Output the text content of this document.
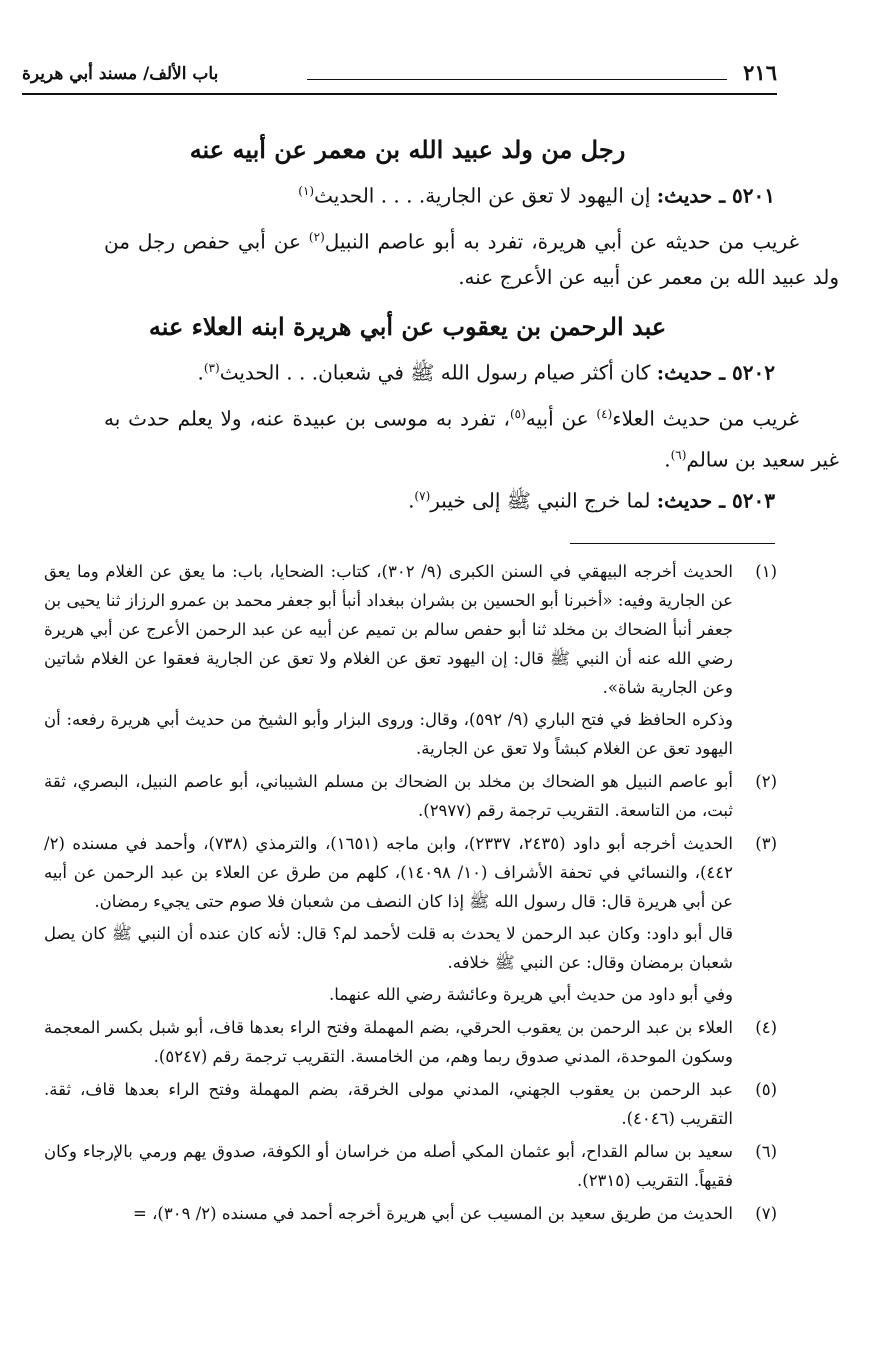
٢١٦
باب الألف/ مسند أبي هريرة
رجل من ولد عبيد الله بن معمر عن أبيه عنه

٥٢٠١ ـ حديث: إن اليهود لا تعق عن الجارية. . . . الحديث$^{(١)}$

غريب من حديثه عن أبي هريرة، تفرد به أبو عاصم النبيل$^{(٢)}$ عن أبي حفص رجل من ولد عبيد الله بن معمر عن أبيه عن الأعرج عنه.

عبد الرحمن بن يعقوب عن أبي هريرة ابنه العلاء عنه

٥٢٠٢ ـ حديث: كان أكثر صيام رسول الله ﷺ في شعبان. . . الحديث$^{(٣)}$.

غريب من حديث العلاء$^{(٤)}$ عن أبيه$^{(٥)}$، تفرد به موسى بن عبيدة عنه، ولا يعلم حدث به غير سعيد بن سالم$^{(٦)}$.

٥٢٠٣ ـ حديث: لما خرج النبي ﷺ إلى خيبر$^{(٧)}$.

(١)

الحديث أخرجه البيهقي في السنن الكبرى (٩/ ٣٠٢)، كتاب: الضحايا، باب: ما يعق عن الغلام وما يعق عن الجارية وفيه: «أخبرنا أبو الحسين بن بشران ببغداد أنبأ أبو جعفر محمد بن عمرو الرزاز ثنا يحيى بن جعفر أنبأ الضحاك بن مخلد ثنا أبو حفص سالم بن تميم عن أبيه عن عبد الرحمن الأعرج عن أبي هريرة رضي الله عنه أن النبي ﷺ قال: إن اليهود تعق عن الغلام ولا تعق عن الجارية فعقوا عن الغلام شاتين وعن الجارية شاة».

وذكره الحافظ في فتح الباري (٩/ ٥٩٢)، وقال: وروى البزار وأبو الشيخ من حديث أبي هريرة رفعه: أن اليهود تعق عن الغلام كبشاً ولا تعق عن الجارية.

(٢)

أبو عاصم النبيل هو الضحاك بن مخلد بن الضحاك بن مسلم الشيباني، أبو عاصم النبيل، البصري، ثقة ثبت، من التاسعة. التقريب ترجمة رقم (٢٩٧٧).

(٣)

الحديث أخرجه أبو داود (٢٤٣٥، ٢٣٣٧)، وابن ماجه (١٦٥١)، والترمذي (٧٣٨)، وأحمد في مسنده (٢/ ٤٤٢)، والنسائي في تحفة الأشراف (١٠/ ١٤٠٩٨)، كلهم من طرق عن العلاء بن عبد الرحمن عن أبيه عن أبي هريرة قال: قال رسول الله ﷺ إذا كان النصف من شعبان فلا صوم حتى يجيء رمضان.

قال أبو داود: وكان عبد الرحمن لا يحدث به قلت لأحمد لم؟ قال: لأنه كان عنده أن النبي ﷺ كان يصل شعبان برمضان وقال: عن النبي ﷺ خلافه.

وفي أبو داود من حديث أبي هريرة وعائشة رضي الله عنهما.

(٤)

العلاء بن عبد الرحمن بن يعقوب الحرقي، بضم المهملة وفتح الراء بعدها قاف، أبو شبل بكسر المعجمة وسكون الموحدة، المدني صدوق ربما وهم، من الخامسة. التقريب ترجمة رقم (٥٢٤٧).

(٥)

عبد الرحمن بن يعقوب الجهني، المدني مولى الخرقة، بضم المهملة وفتح الراء بعدها قاف، ثقة. التقريب (٤٠٤٦).

(٦)

سعيد بن سالم القداح، أبو عثمان المكي أصله من خراسان أو الكوفة، صدوق يهم ورمي بالإرجاء وكان فقيهاً. التقريب (٢٣١٥).

(٧)

الحديث من طريق سعيد بن المسيب عن أبي هريرة أخرجه أحمد في مسنده (٢/ ٣٠٩)، =
